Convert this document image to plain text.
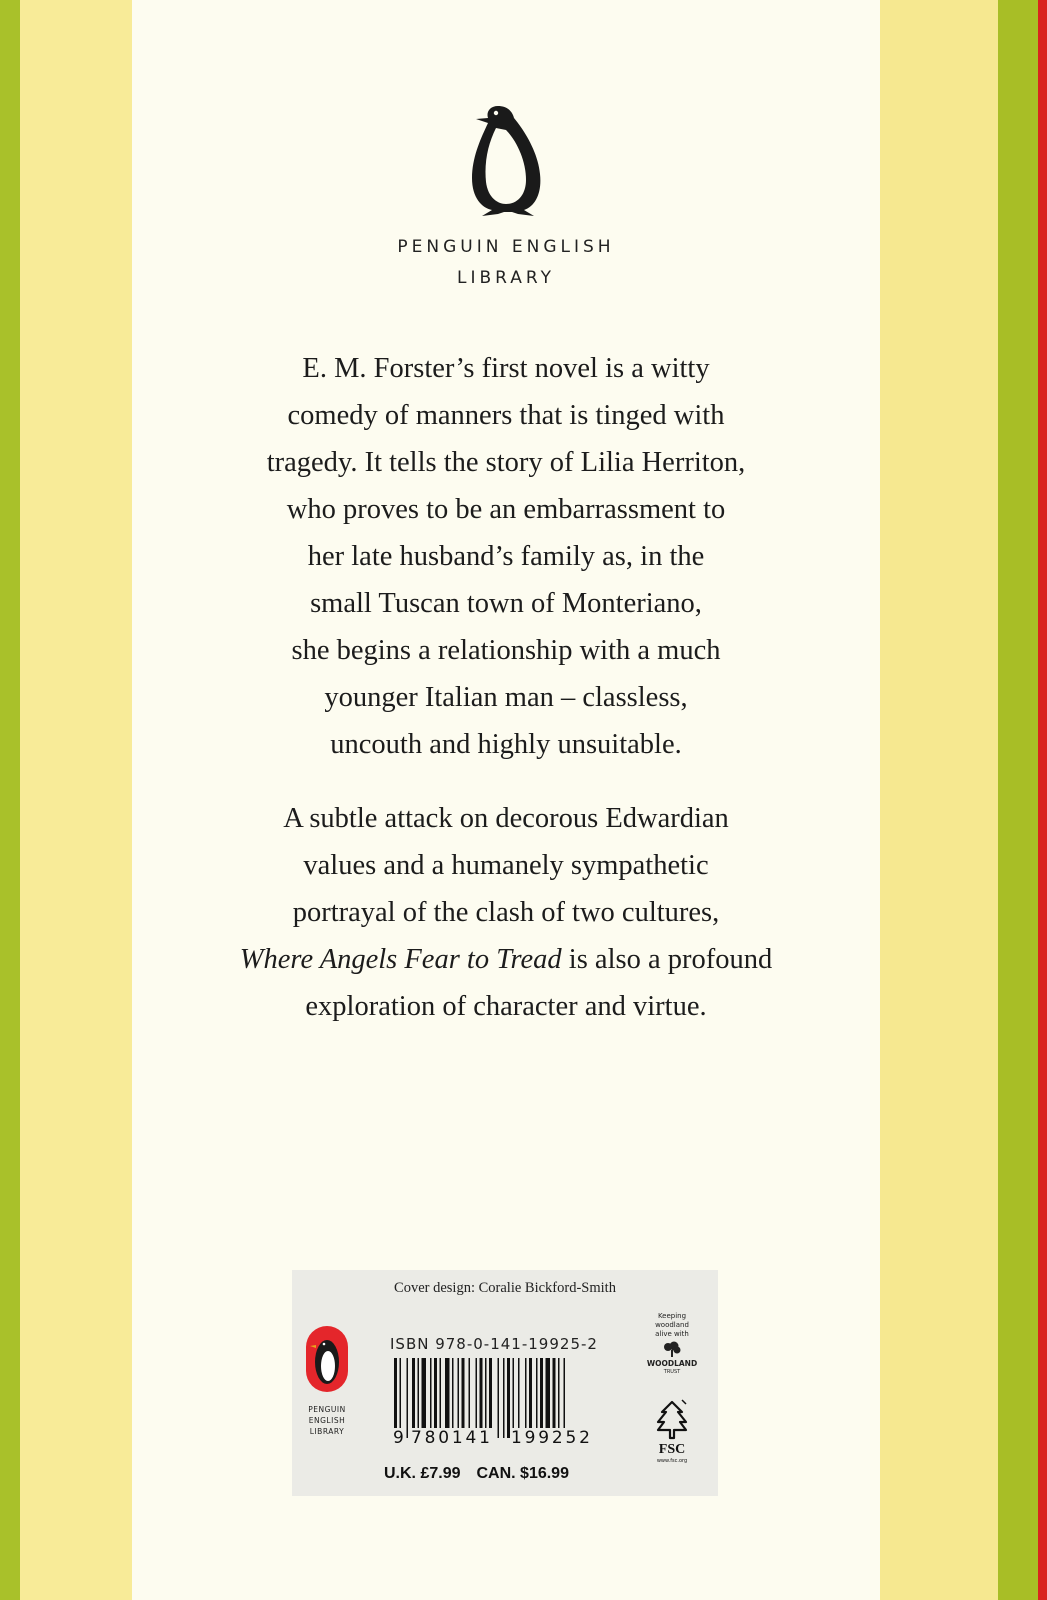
PENGUIN ENGLISH
LIBRARY

E. M. Forster’s first novel is a witty

comedy of manners that is tinged with

tragedy. It tells the story of Lilia Herriton,

who proves to be an embarrassment to

her late husband’s family as, in the

small Tuscan town of Monteriano,

she begins a relationship with a much

younger Italian man – classless,

uncouth and highly unsuitable.

A subtle attack on decorous Edwardian

values and a humanely sympathetic

portrayal of the clash of two cultures,

Where Angels Fear to Tread is also a profound

exploration of character and virtue.

Cover design: Coralie Bickford-Smith
PENGUIN
ENGLISH
LIBRARY
ISBN 978-0-141-19925-2
9 780141 199252
U.K. £7.99 CAN. $16.99
Keeping
woodland
alive with
WOODLAND
TRUST
FSC
www.fsc.org
